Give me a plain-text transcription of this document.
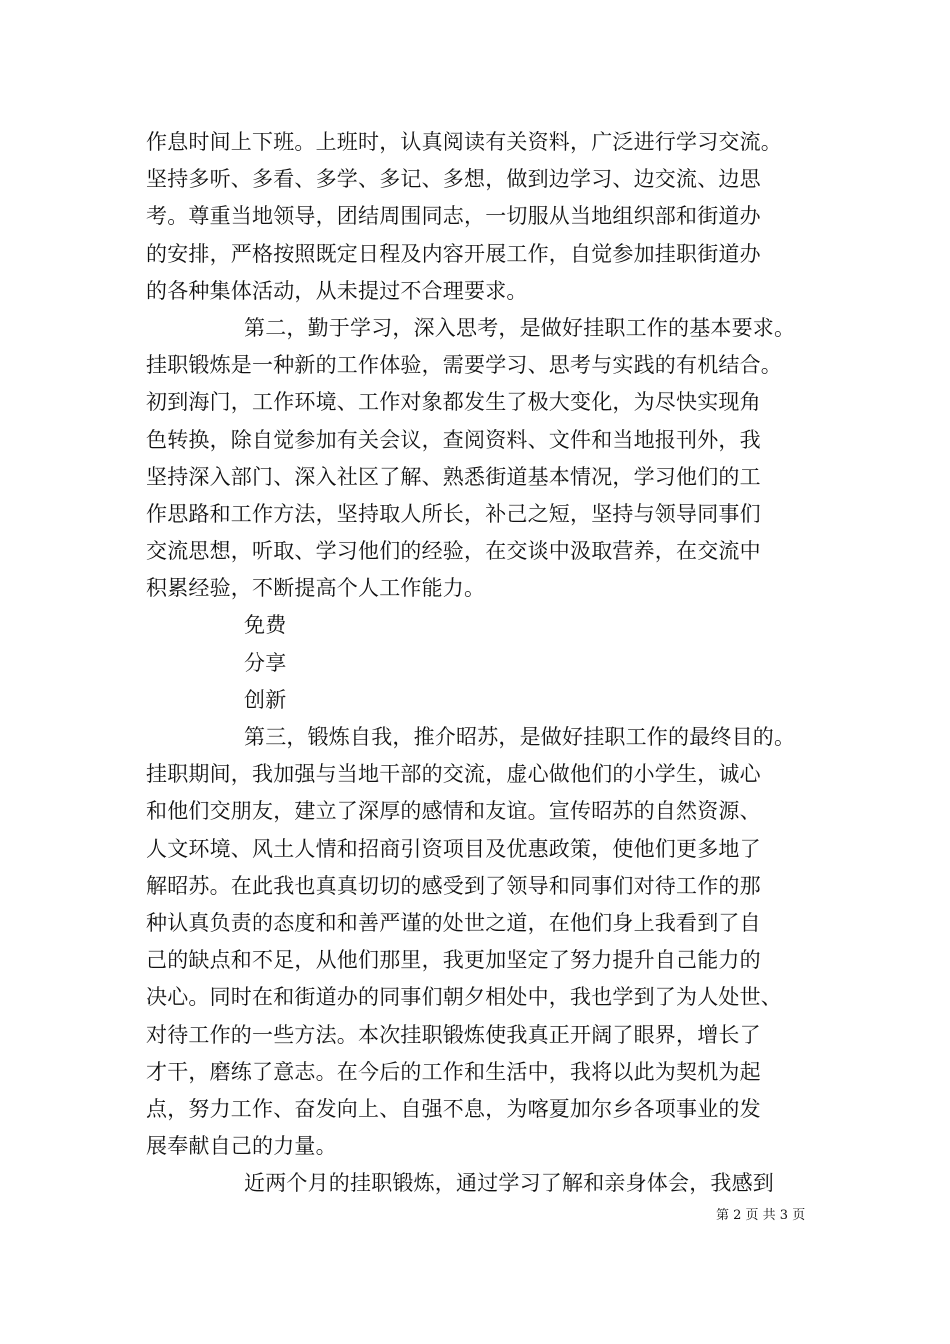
作息时间上下班。上班时，认真阅读有关资料，广泛进行学习交流。
坚持多听、多看、多学、多记、多想，做到边学习、边交流、边思
考。尊重当地领导，团结周围同志，一切服从当地组织部和街道办
的安排，严格按照既定日程及内容开展工作，自觉参加挂职街道办
的各种集体活动，从未提过不合理要求。
第二，勤于学习，深入思考，是做好挂职工作的基本要求。
挂职锻炼是一种新的工作体验，需要学习、思考与实践的有机结合。
初到海门，工作环境、工作对象都发生了极大变化，为尽快实现角
色转换，除自觉参加有关会议，查阅资料、文件和当地报刊外，我
坚持深入部门、深入社区了解、熟悉街道基本情况，学习他们的工
作思路和工作方法，坚持取人所长，补己之短，坚持与领导同事们
交流思想，听取、学习他们的经验，在交谈中汲取营养，在交流中
积累经验，不断提高个人工作能力。
免费
分享
创新
第三，锻炼自我，推介昭苏，是做好挂职工作的最终目的。
挂职期间，我加强与当地干部的交流，虚心做他们的小学生，诚心
和他们交朋友，建立了深厚的感情和友谊。宣传昭苏的自然资源、
人文环境、风土人情和招商引资项目及优惠政策，使他们更多地了
解昭苏。在此我也真真切切的感受到了领导和同事们对待工作的那
种认真负责的态度和和善严谨的处世之道，在他们身上我看到了自
己的缺点和不足，从他们那里，我更加坚定了努力提升自己能力的
决心。同时在和街道办的同事们朝夕相处中，我也学到了为人处世、
对待工作的一些方法。本次挂职锻炼使我真正开阔了眼界，增长了
才干，磨练了意志。在今后的工作和生活中，我将以此为契机为起
点，努力工作、奋发向上、自强不息，为喀夏加尔乡各项事业的发
展奉献自己的力量。
近两个月的挂职锻炼，通过学习了解和亲身体会，我感到
第 2 页 共 3 页
